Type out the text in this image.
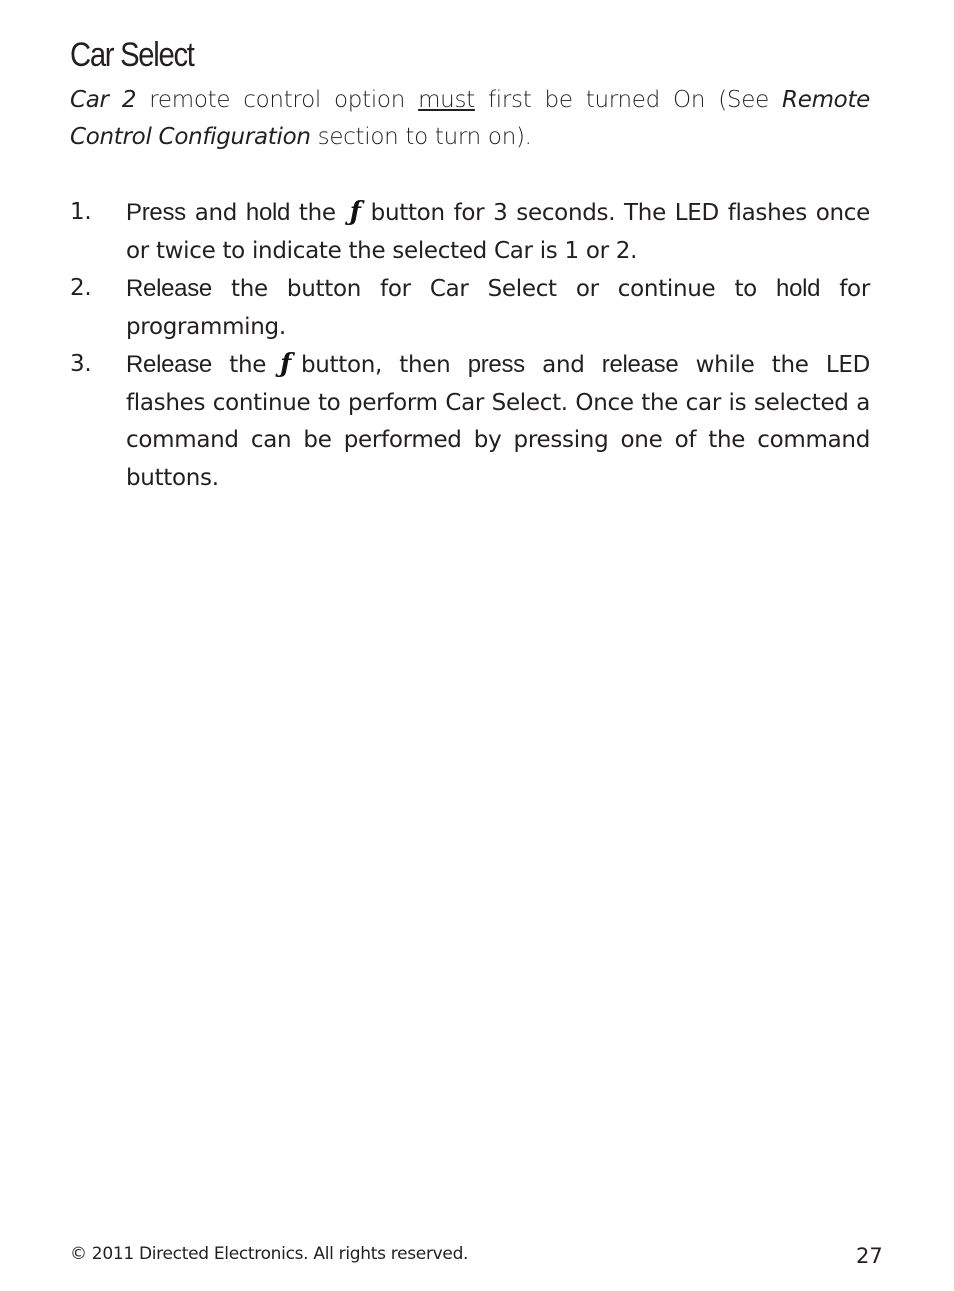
Car Select

Car 2 remote control option must first be turned On (See Remote Control Configuration section to turn on).

1.	Press and hold the ƒ button for 3 seconds. The LED flashes once or twice to indicate the selected Car is 1 or 2.
2.	Release the button for Car Select or continue to hold for programming.
3.	Release the ƒ button, then press and release while the LED flashes continue to perform Car Select. Once the car is selected a command can be performed by pressing one of the command buttons.
© 2011 Directed Electronics. All rights reserved.	27
